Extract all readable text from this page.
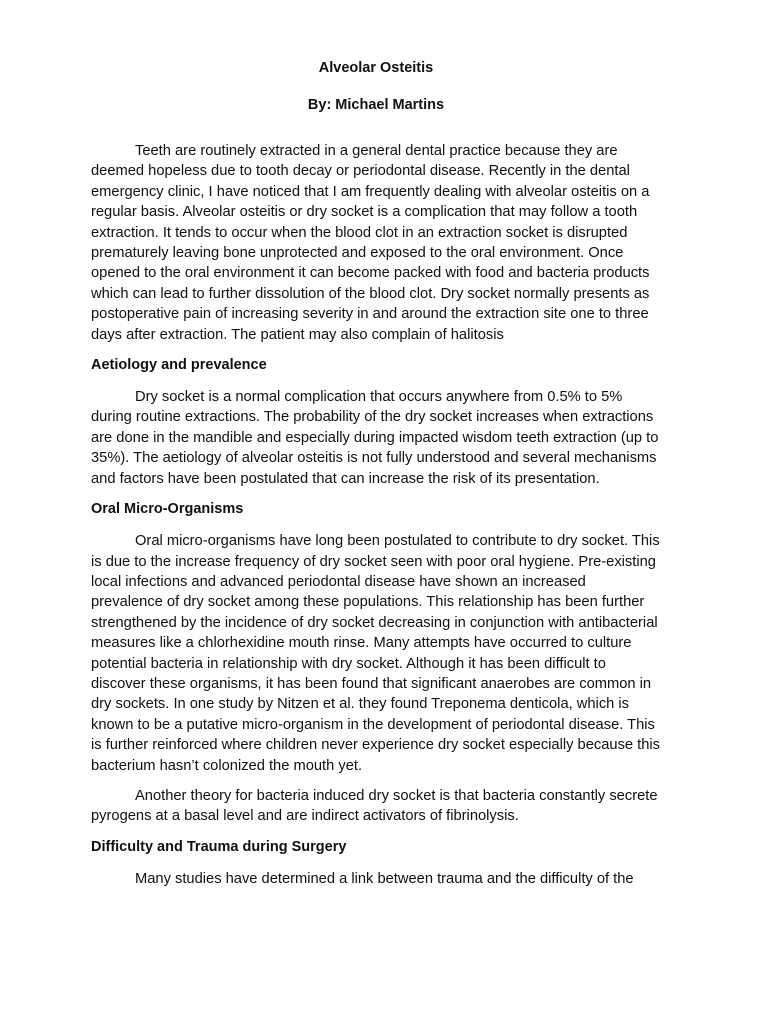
Alveolar Osteitis

By: Michael Martins

Teeth are routinely extracted in a general dental practice because they are deemed hopeless due to tooth decay or periodontal disease. Recently in the dental emergency clinic, I have noticed that I am frequently dealing with alveolar osteitis on a regular basis. Alveolar osteitis or dry socket is a complication that may follow a tooth extraction. It tends to occur when the blood clot in an extraction socket is disrupted prematurely leaving bone unprotected and exposed to the oral environment. Once opened to the oral environment it can become packed with food and bacteria products which can lead to further dissolution of the blood clot. Dry socket normally presents as postoperative pain of increasing severity in and around the extraction site one to three days after extraction. The patient may also complain of halitosis

Aetiology and prevalence

Dry socket is a normal complication that occurs anywhere from 0.5% to 5% during routine extractions. The probability of the dry socket increases when extractions are done in the mandible and especially during impacted wisdom teeth extraction (up to 35%). The aetiology of alveolar osteitis is not fully understood and several mechanisms and factors have been postulated that can increase the risk of its presentation.

Oral Micro-Organisms

Oral micro-organisms have long been postulated to contribute to dry socket. This is due to the increase frequency of dry socket seen with poor oral hygiene. Pre-existing local infections and advanced periodontal disease have shown an increased prevalence of dry socket among these populations. This relationship has been further strengthened by the incidence of dry socket decreasing in conjunction with antibacterial measures like a chlorhexidine mouth rinse. Many attempts have occurred to culture potential bacteria in relationship with dry socket. Although it has been difficult to discover these organisms, it has been found that significant anaerobes are common in dry sockets. In one study by Nitzen et al. they found Treponema denticola, which is known to be a putative micro-organism in the development of periodontal disease. This is further reinforced where children never experience dry socket especially because this bacterium hasn’t colonized the mouth yet.

Another theory for bacteria induced dry socket is that bacteria constantly secrete pyrogens at a basal level and are indirect activators of fibrinolysis.

Difficulty and Trauma during Surgery

Many studies have determined a link between trauma and the difficulty of the
